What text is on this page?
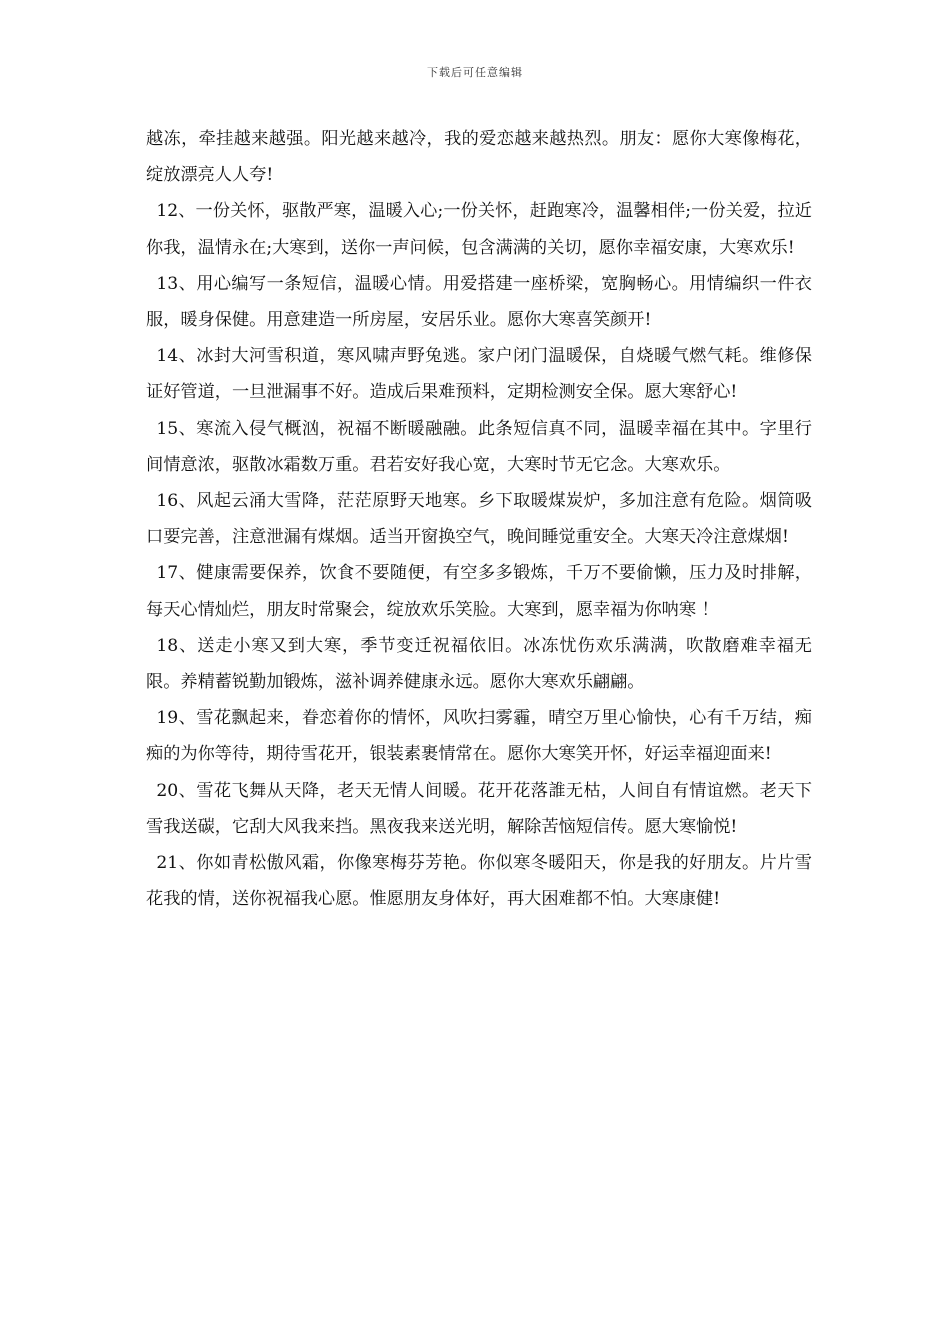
下载后可任意编辑

越冻，牵挂越来越强。阳光越来越冷，我的爱恋越来越热烈。朋友：愿你大寒像梅花，绽放漂亮人人夸!

12、一份关怀，驱散严寒，温暖入心;一份关怀，赶跑寒冷，温馨相伴;一份关爱，拉近你我，温情永在;大寒到，送你一声问候，包含满满的关切，愿你幸福安康，大寒欢乐!

13、用心编写一条短信，温暖心情。用爱搭建一座桥梁，宽胸畅心。用情编织一件衣服，暖身保健。用意建造一所房屋，安居乐业。愿你大寒喜笑颜开!

14、冰封大河雪积道，寒风啸声野兔逃。家户闭门温暖保，自烧暖气燃气耗。维修保证好管道，一旦泄漏事不好。造成后果难预料，定期检测安全保。愿大寒舒心!

15、寒流入侵气概汹，祝福不断暖融融。此条短信真不同，温暖幸福在其中。字里行间情意浓，驱散冰霜数万重。君若安好我心宽，大寒时节无它念。大寒欢乐。

16、风起云涌大雪降，茫茫原野天地寒。乡下取暖煤炭炉，多加注意有危险。烟筒吸口要完善，注意泄漏有煤烟。适当开窗换空气，晚间睡觉重安全。大寒天冷注意煤烟!

17、健康需要保养，饮食不要随便，有空多多锻炼，千万不要偷懒，压力及时排解，每天心情灿烂，朋友时常聚会，绽放欢乐笑脸。大寒到，愿幸福为你呐寒 ！

18、送走小寒又到大寒，季节变迁祝福依旧。冰冻忧伤欢乐满满，吹散磨难幸福无限。养精蓄锐勤加锻炼，滋补调养健康永远。愿你大寒欢乐翩翩。

19、雪花飘起来，眷恋着你的情怀，风吹扫雾霾，晴空万里心愉快，心有千万结，痴痴的为你等待，期待雪花开，银装素裹情常在。愿你大寒笑开怀，好运幸福迎面来!

20、雪花飞舞从天降，老天无情人间暖。花开花落誰无枯，人间自有情谊燃。老天下雪我送碳，它刮大风我来挡。黑夜我来送光明，解除苦恼短信传。愿大寒愉悦!

21、你如青松傲风霜，你像寒梅芬芳艳。你似寒冬暖阳天，你是我的好朋友。片片雪花我的情，送你祝福我心愿。惟愿朋友身体好，再大困难都不怕。大寒康健!
